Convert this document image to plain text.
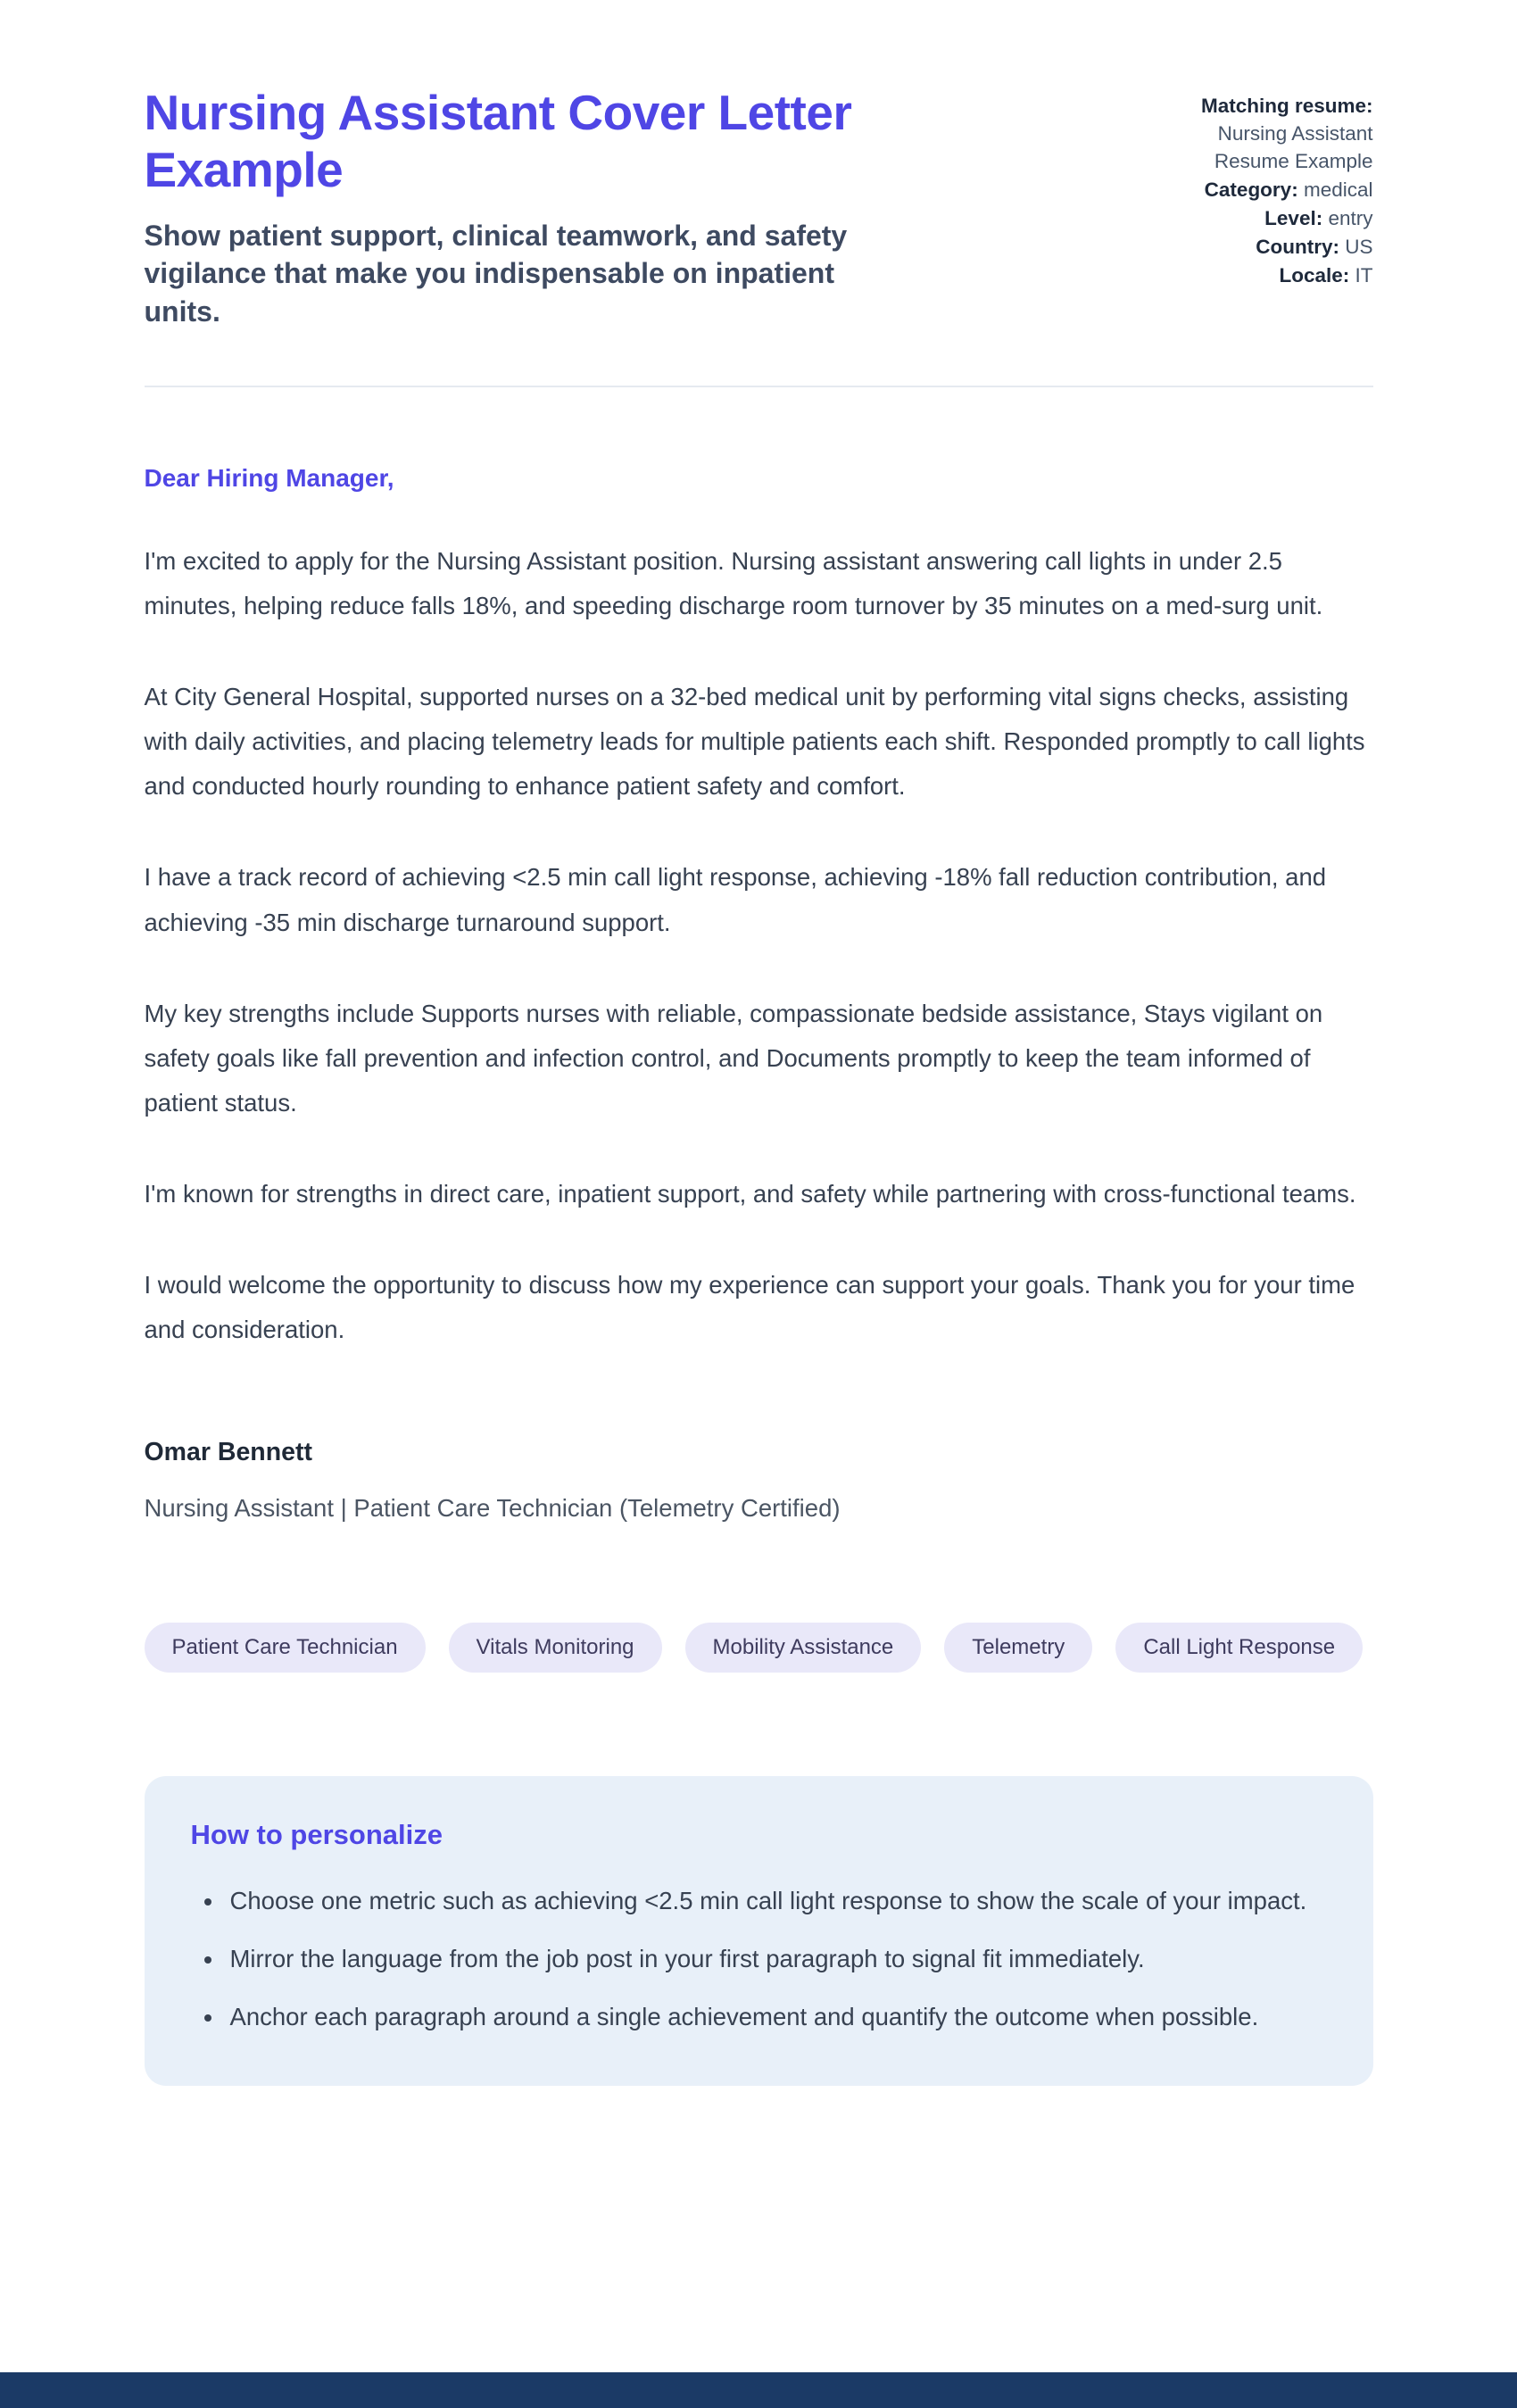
Nursing Assistant Cover Letter Example
Show patient support, clinical teamwork, and safety vigilance that make you indispensable on inpatient units.
Matching resume: Nursing Assistant Resume Example
Category: medical
Level: entry
Country: US
Locale: IT

Dear Hiring Manager,

I'm excited to apply for the Nursing Assistant position. Nursing assistant answering call lights in under 2.5 minutes, helping reduce falls 18%, and speeding discharge room turnover by 35 minutes on a med-surg unit.

At City General Hospital, supported nurses on a 32-bed medical unit by performing vital signs checks, assisting with daily activities, and placing telemetry leads for multiple patients each shift. Responded promptly to call lights and conducted hourly rounding to enhance patient safety and comfort.

I have a track record of achieving <2.5 min call light response, achieving -18% fall reduction contribution, and achieving -35 min discharge turnaround support.

My key strengths include Supports nurses with reliable, compassionate bedside assistance, Stays vigilant on safety goals like fall prevention and infection control, and Documents promptly to keep the team informed of patient status.

I'm known for strengths in direct care, inpatient support, and safety while partnering with cross-functional teams.

I would welcome the opportunity to discuss how my experience can support your goals. Thank you for your time and consideration.

Omar Bennett

Nursing Assistant | Patient Care Technician (Telemetry Certified)

Patient Care Technician	Vitals Monitoring	Mobility Assistance	Telemetry	Call Light Response
How to personalize
• Choose one metric such as achieving <2.5 min call light response to show the scale of your impact.
• Mirror the language from the job post in your first paragraph to signal fit immediately.
• Anchor each paragraph around a single achievement and quantify the outcome when possible.
